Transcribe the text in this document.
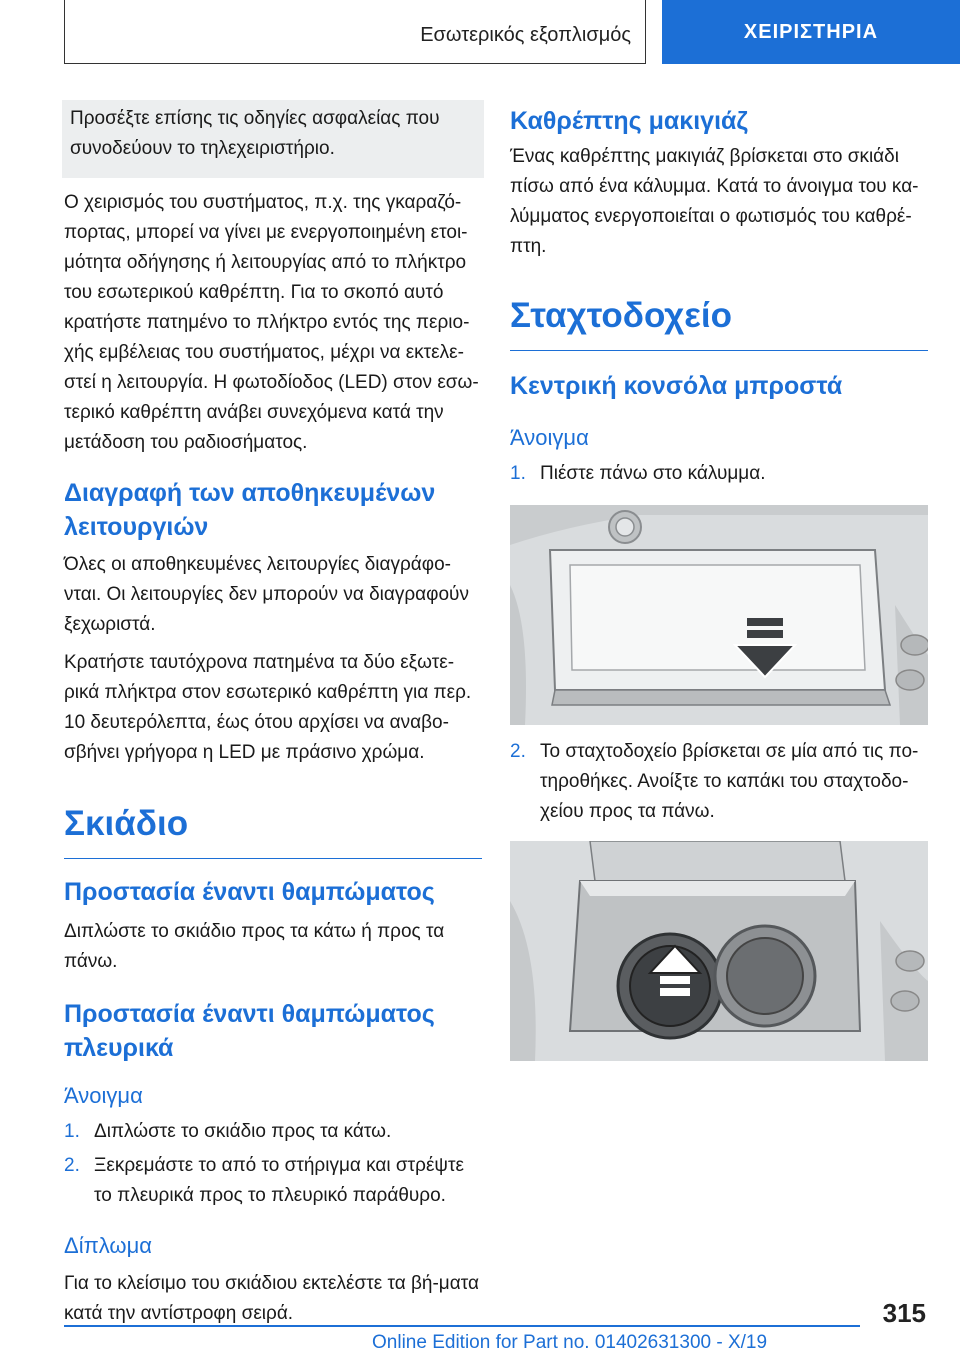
Εσωτερικός εξοπλισμός	ΧΕΙΡΙΣΤΗΡΙΑ
Προσέξτε επίσης τις οδηγίες ασφαλείας που συνοδεύουν το τηλεχειριστήριο.

Ο χειρισμός του συστήματος, π.χ. της γκαραζό-πορτας, μπορεί να γίνει με ενεργοποιημένη ετοι-μότητα οδήγησης ή λειτουργίας από το πλήκτρο του εσωτερικού καθρέπτη. Για το σκοπό αυτό κρατήστε πατημένο το πλήκτρο εντός της περιο-χής εμβέλειας του συστήματος, μέχρι να εκτελε-στεί η λειτουργία. Η φωτοδίοδος (LED) στον εσω-τερικό καθρέπτη ανάβει συνεχόμενα κατά την μετάδοση του ραδιοσήματος.

Διαγραφή των αποθηκευμένων λειτουργιών

Όλες οι αποθηκευμένες λειτουργίες διαγράφο-νται. Οι λειτουργίες δεν μπορούν να διαγραφούν ξεχωριστά.

Κρατήστε ταυτόχρονα πατημένα τα δύο εξωτε-ρικά πλήκτρα στον εσωτερικό καθρέπτη για περ. 10 δευτερόλεπτα, έως ότου αρχίσει να αναβο-σβήνει γρήγορα η LED με πράσινο χρώμα.

Σκιάδιο
Προστασία έναντι θαμπώματος

Διπλώστε το σκιάδιο προς τα κάτω ή προς τα πάνω.

Προστασία έναντι θαμπώματος πλευρικά
Άνοιγμα
1. Διπλώστε το σκιάδιο προς τα κάτω.
2. Ξεκρεμάστε το από το στήριγμα και στρέψτε το πλευρικά προς το πλευρικό παράθυρο.
Δίπλωμα

Για το κλείσιμο του σκιάδιου εκτελέστε τα βή-ματα κατά την αντίστροφη σειρά.

Καθρέπτης μακιγιάζ

Ένας καθρέπτης μακιγιάζ βρίσκεται στο σκιάδι πίσω από ένα κάλυμμα. Κατά το άνοιγμα του κα-λύμματος ενεργοποιείται ο φωτισμός του καθρέ-πτη.

Σταχτοδοχείο
Κεντρική κονσόλα μπροστά
Άνοιγμα
1. Πιέστε πάνω στο κάλυμμα.
2. Το σταχτοδοχείο βρίσκεται σε μία από τις πο-τηροθήκες. Ανοίξτε το καπάκι του σταχτοδο-χείου προς τα πάνω.
315
Online Edition for Part no. 01402631300 - X/19
